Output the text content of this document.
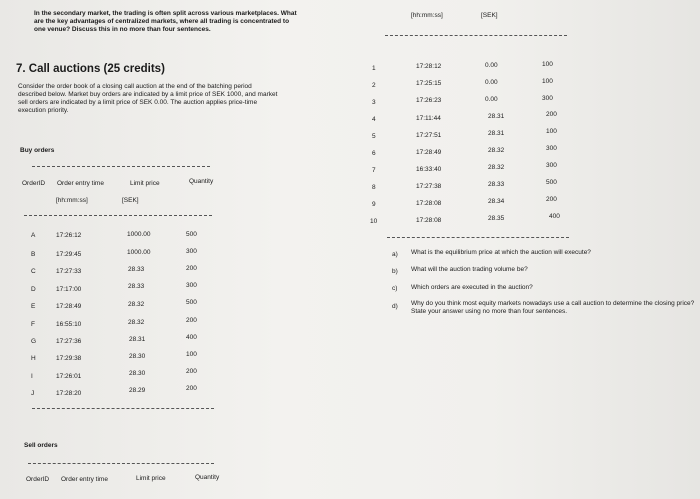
In the secondary market, the trading is often split across various marketplaces. What
are the key advantages of centralized markets, where all trading is concentrated to
one venue? Discuss this in no more than four sentences.
7. Call auctions (25 credits)
Consider the order book of a closing call auction at the end of the batching period
described below. Market buy orders are indicated by a limit price of SEK 1000, and market
sell orders are indicated by a limit price of SEK 0.00. The auction applies price-time
execution priority.
Buy orders
OrderID Order entry time	Limit price	Quantity
[hh:mm:ss]	[SEK]
A	17:26:12	1000.00	500
B	17:29:45	1000.00	300
C	17:27:33	28.33	200
D	17:17:00	28.33	300
E	17:28:49	28.32	500
F	16:55:10	28.32	200
G	17:27:36	28.31	400
H	17:29:38	28.30	100
I	17:26:01	28.30	200
J	17:28:20	28.29	200
Sell orders
OrderID Order entry time	Limit price	Quantity
[hh:mm:ss]	[SEK]
1	17:28:12	0.00	100
2	17:25:15	0.00	100
3	17:26:23	0.00	300
4	17:11:44	28.31	200
5	17:27:51	28.31	100
6	17:28:49	28.32	300
7	16:33:40	28.32	300
8	17:27:38	28.33	500
9	17:28:08	28.34	200
10	17:28:08	28.35	400
a) What is the equilibrium price at which the auction will execute?
b) What will the auction trading volume be?
c) Which orders are executed in the auction?
d) Why do you think most equity markets nowadays use a call auction to determine the closing price? State your answer using no more than four sentences.
